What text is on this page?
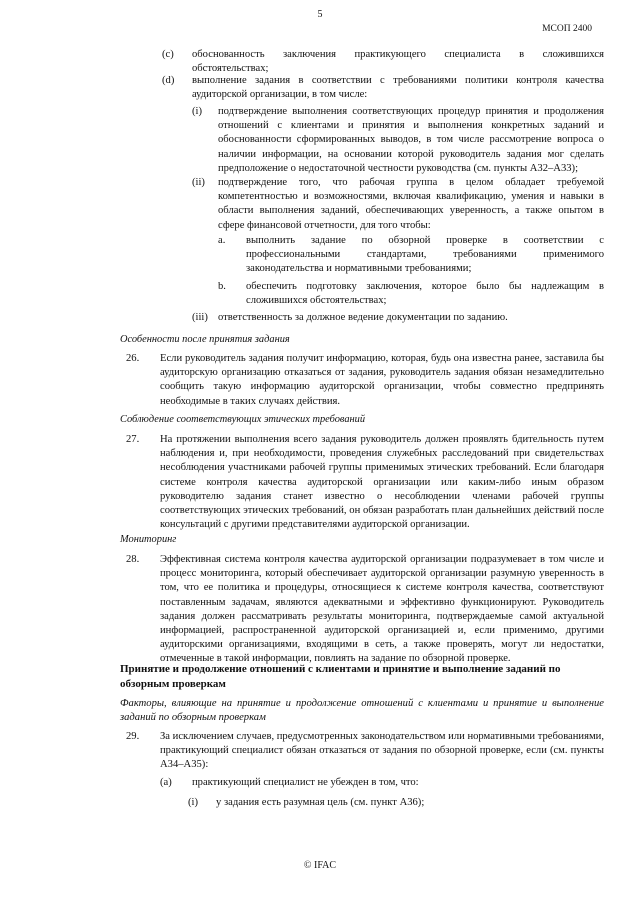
5
МСОП 2400
(c) обоснованность заключения практикующего специалиста в сложившихся обстоятельствах;
(d) выполнение задания в соответствии с требованиями политики контроля качества аудиторской организации, в том числе:
(i) подтверждение выполнения соответствующих процедур принятия и продолжения отношений с клиентами и принятия и выполнения конкретных заданий и обоснованности сформированных выводов, в том числе рассмотрение вопроса о наличии информации, на основании которой руководитель задания мог сделать предположение о недостаточной честности руководства (см. пункты А32–А33);
(ii) подтверждение того, что рабочая группа в целом обладает требуемой компетентностью и возможностями, включая квалификацию, умения и навыки в области выполнения заданий, обеспечивающих уверенность, а также опытом в сфере финансовой отчетности, для того чтобы:
a. выполнить задание по обзорной проверке в соответствии с профессиональными стандартами, требованиями применимого законодательства и нормативными требованиями;
b. обеспечить подготовку заключения, которое было бы надлежащим в сложившихся обстоятельствах;
(iii) ответственность за должное ведение документации по заданию.
Особенности после принятия задания
26. Если руководитель задания получит информацию, которая, будь она известна ранее, заставила бы аудиторскую организацию отказаться от задания, руководитель задания обязан незамедлительно сообщить такую информацию аудиторской организации, чтобы совместно предпринять необходимые в таких случаях действия.
Соблюдение соответствующих этических требований
27. На протяжении выполнения всего задания руководитель должен проявлять бдительность путем наблюдения и, при необходимости, проведения служебных расследований при свидетельствах несоблюдения участниками рабочей группы применимых этических требований. Если благодаря системе контроля качества аудиторской организации или каким-либо иным образом руководителю задания станет известно о несоблюдении членами рабочей группы соответствующих этических требований, он обязан разработать план дальнейших действий после консультаций с другими представителями аудиторской организации.
Мониторинг
28. Эффективная система контроля качества аудиторской организации подразумевает в том числе и процесс мониторинга, который обеспечивает аудиторской организации разумную уверенность в том, что ее политика и процедуры, относящиеся к системе контроля качества, соответствуют поставленным задачам, являются адекватными и эффективно функционируют. Руководитель задания должен рассматривать результаты мониторинга, подтверждаемые самой актуальной информацией, распространенной аудиторской организацией и, если применимо, другими аудиторскими организациями, входящими в сеть, а также проверять, могут ли недостатки, отмеченные в такой информации, повлиять на задание по обзорной проверке.
Принятие и продолжение отношений с клиентами и принятие и выполнение заданий по обзорным проверкам
Факторы, влияющие на принятие и продолжение отношений с клиентами и принятие и выполнение заданий по обзорным проверкам
29. За исключением случаев, предусмотренных законодательством или нормативными требованиями, практикующий специалист обязан отказаться от задания по обзорной проверке, если (см. пункты А34–А35):
(a) практикующий специалист не убежден в том, что:
(i) у задания есть разумная цель (см. пункт А36);
© IFAC
